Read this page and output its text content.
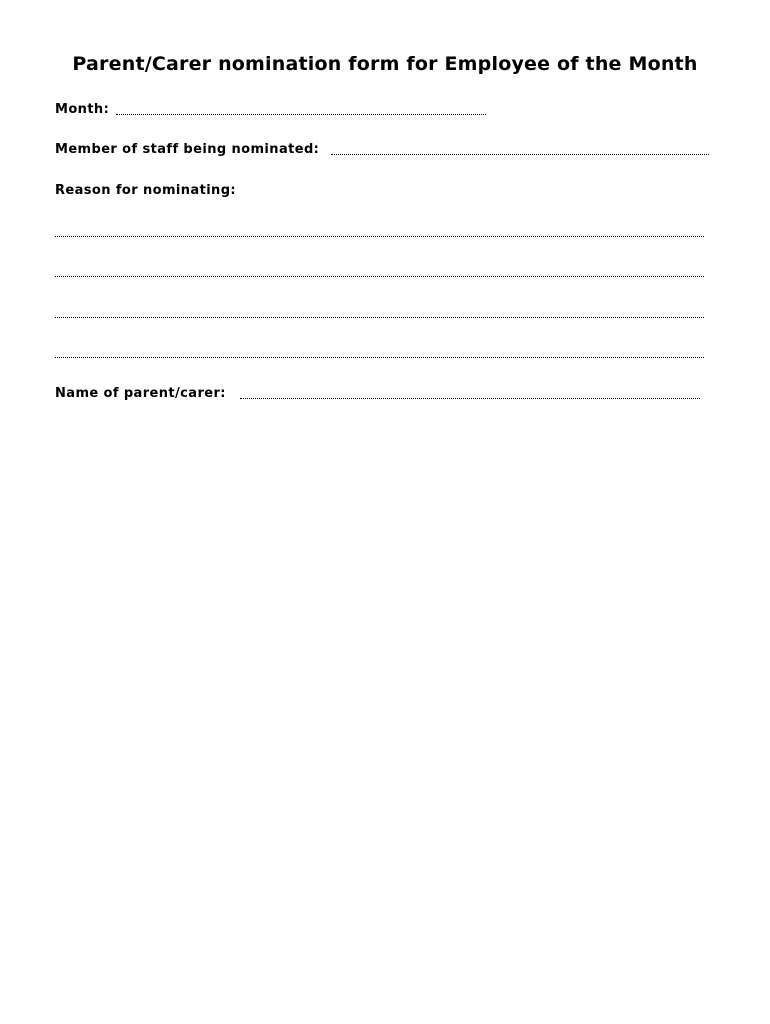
Parent/Carer nomination form for Employee of the Month
Month:
Member of staff being nominated:
Reason for nominating:
Name of parent/carer:
